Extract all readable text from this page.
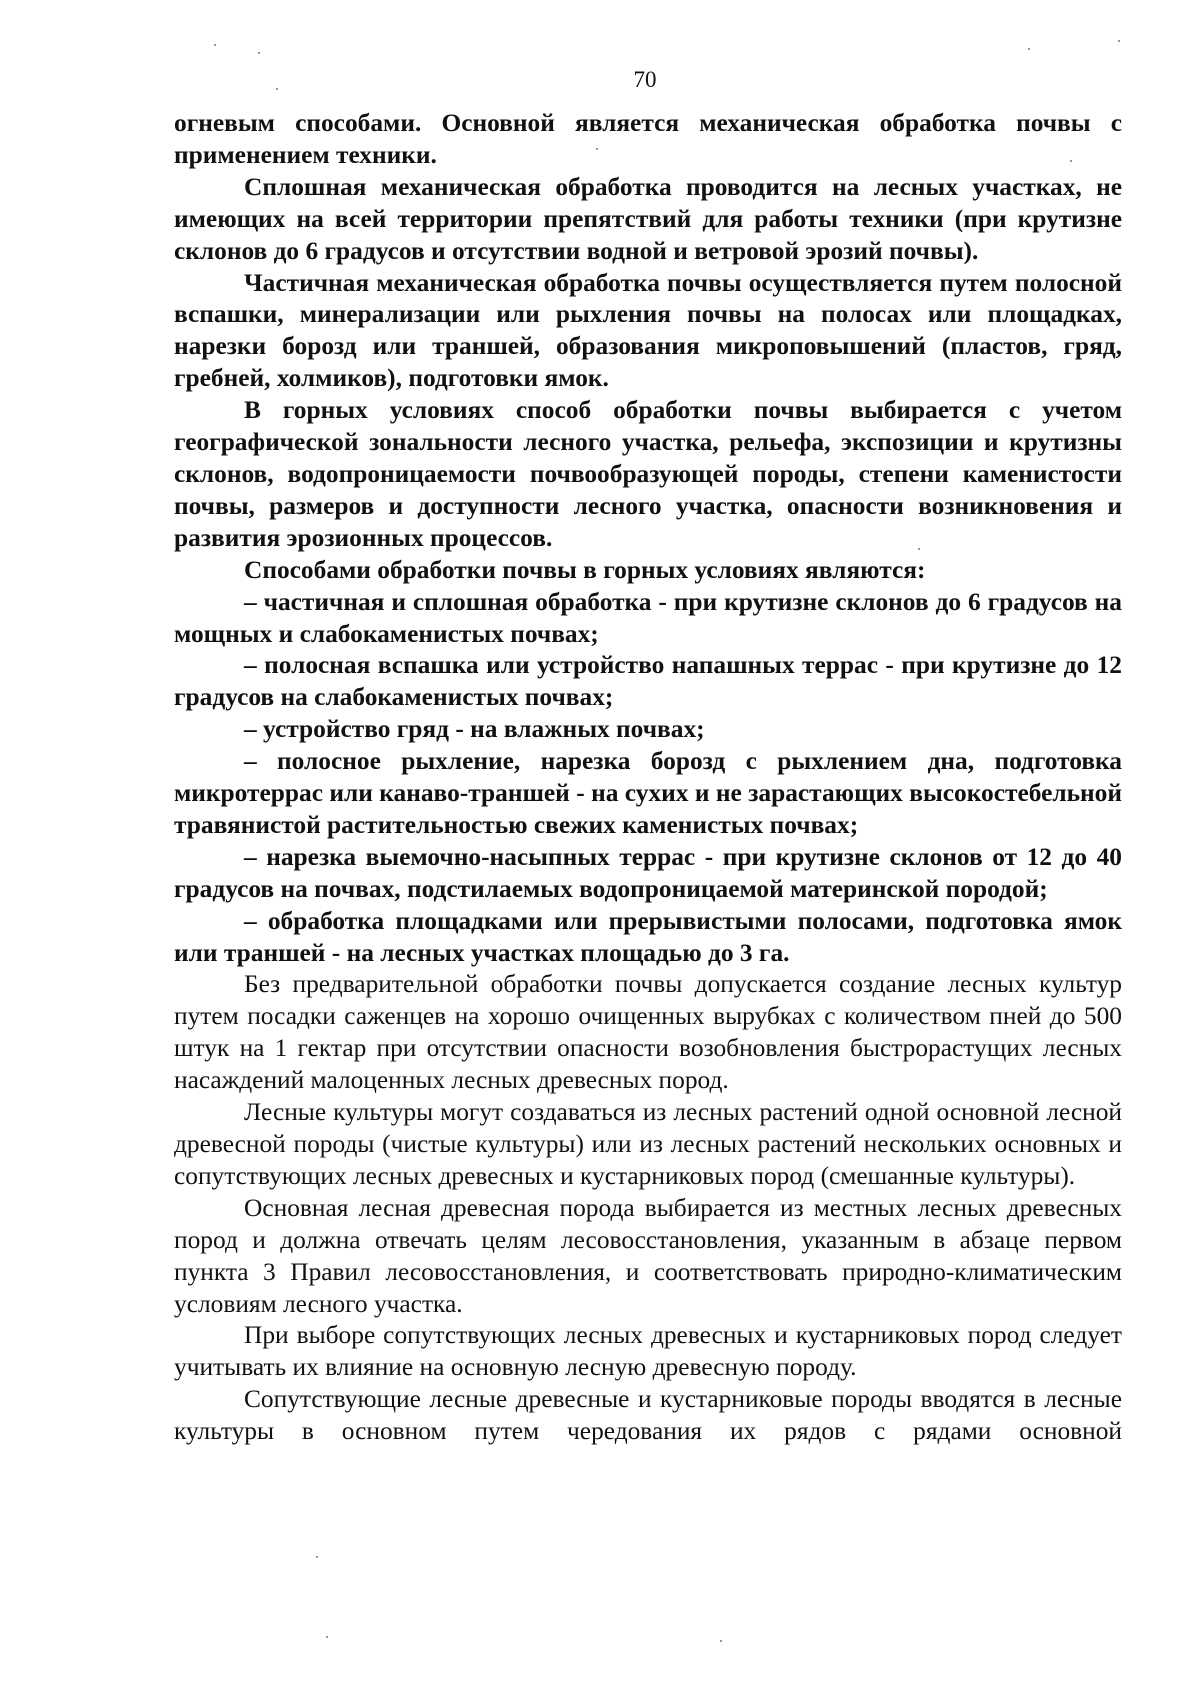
70

огневым способами. Основной является механическая обработка почвы с применением техники.

Сплошная механическая обработка проводится на лесных участках, не имеющих на всей территории препятствий для работы техники (при крутизне склонов до 6 градусов и отсутствии водной и ветровой эрозий почвы).

Частичная механическая обработка почвы осуществляется путем полосной вспашки, минерализации или рыхления почвы на полосах или площадках, нарезки борозд или траншей, образования микроповышений (пластов, гряд, гребней, холмиков), подготовки ямок.

В горных условиях способ обработки почвы выбирается с учетом географической зональности лесного участка, рельефа, экспозиции и крутизны склонов, водопроницаемости почвообразующей породы, степени каменистости почвы, размеров и доступности лесного участка, опасности возникновения и развития эрозионных процессов.

Способами обработки почвы в горных условиях являются:

– частичная и сплошная обработка - при крутизне склонов до 6 градусов на мощных и слабокаменистых почвах;

– полосная вспашка или устройство напашных террас - при крутизне до 12 градусов на слабокаменистых почвах;

– устройство гряд - на влажных почвах;

– полосное рыхление, нарезка борозд с рыхлением дна, подготовка микротеррас или канаво-траншей - на сухих и не зарастающих высокостебельной травянистой растительностью свежих каменистых почвах;

– нарезка выемочно-насыпных террас - при крутизне склонов от 12 до 40 градусов на почвах, подстилаемых водопроницаемой материнской породой;

– обработка площадками или прерывистыми полосами, подготовка ямок или траншей - на лесных участках площадью до 3 га.

Без предварительной обработки почвы допускается создание лесных культур путем посадки саженцев на хорошо очищенных вырубках с количеством пней до 500 штук на 1 гектар при отсутствии опасности возобновления быстрорастущих лесных насаждений малоценных лесных древесных пород.

Лесные культуры могут создаваться из лесных растений одной основной лесной древесной породы (чистые культуры) или из лесных растений нескольких основных и сопутствующих лесных древесных и кустарниковых пород (смешанные культуры).

Основная лесная древесная порода выбирается из местных лесных древесных пород и должна отвечать целям лесовосстановления, указанным в абзаце первом пункта 3 Правил лесовосстановления, и соответствовать природно-климатическим условиям лесного участка.

При выборе сопутствующих лесных древесных и кустарниковых пород следует учитывать их влияние на основную лесную древесную породу.

Сопутствующие лесные древесные и кустарниковые породы вводятся в лесные культуры в основном путем чередования их рядов с рядами основной
